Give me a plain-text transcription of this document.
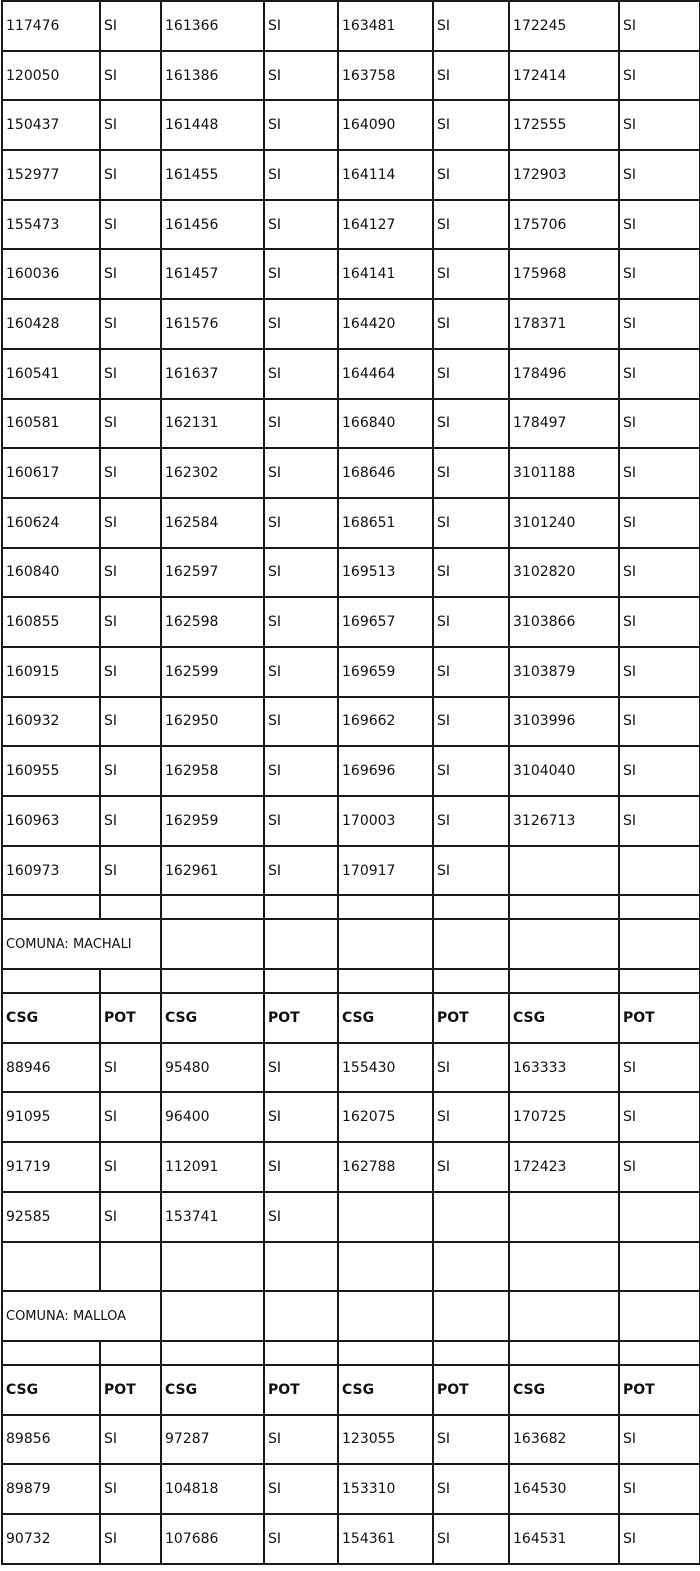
117476	SI	161366	SI	163481	SI	172245	SI
120050	SI	161386	SI	163758	SI	172414	SI
150437	SI	161448	SI	164090	SI	172555	SI
152977	SI	161455	SI	164114	SI	172903	SI
155473	SI	161456	SI	164127	SI	175706	SI
160036	SI	161457	SI	164141	SI	175968	SI
160428	SI	161576	SI	164420	SI	178371	SI
160541	SI	161637	SI	164464	SI	178496	SI
160581	SI	162131	SI	166840	SI	178497	SI
160617	SI	162302	SI	168646	SI	3101188	SI
160624	SI	162584	SI	168651	SI	3101240	SI
160840	SI	162597	SI	169513	SI	3102820	SI
160855	SI	162598	SI	169657	SI	3103866	SI
160915	SI	162599	SI	169659	SI	3103879	SI
160932	SI	162950	SI	169662	SI	3103996	SI
160955	SI	162958	SI	169696	SI	3104040	SI
160963	SI	162959	SI	170003	SI	3126713	SI
160973	SI	162961	SI	170917	SI		

COMUNA: MACHALI							

CSG	POT	CSG	POT	CSG	POT	CSG	POT
88946	SI	95480	SI	155430	SI	163333	SI
91095	SI	96400	SI	162075	SI	170725	SI
91719	SI	112091	SI	162788	SI	172423	SI
92585	SI	153741	SI				

COMUNA: MALLOA							

CSG	POT	CSG	POT	CSG	POT	CSG	POT
89856	SI	97287	SI	123055	SI	163682	SI
89879	SI	104818	SI	153310	SI	164530	SI
90732	SI	107686	SI	154361	SI	164531	SI
